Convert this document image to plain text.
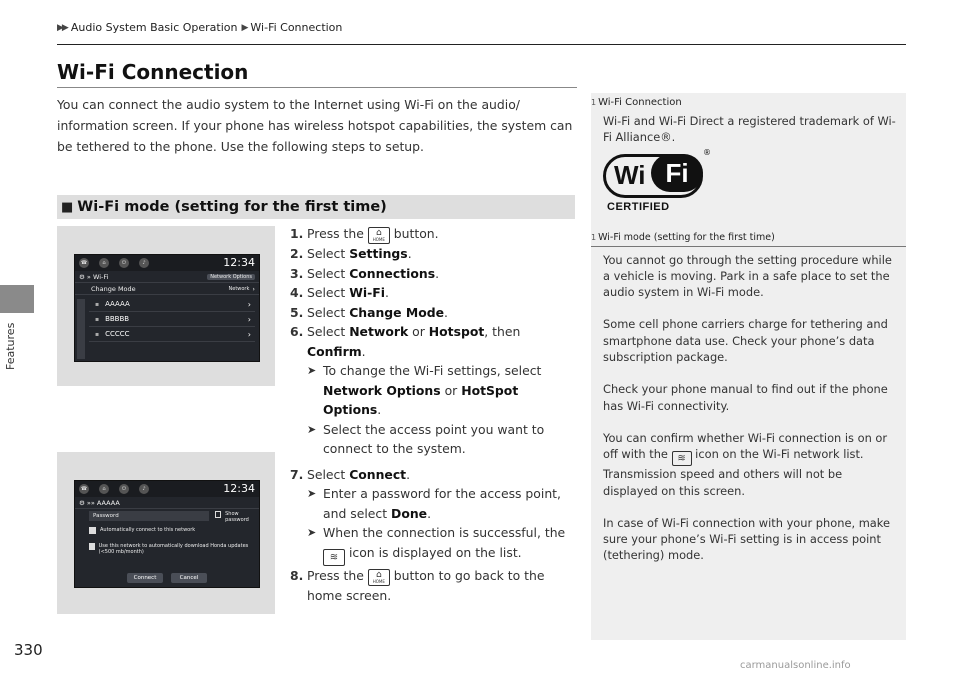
Features
▶▶ Audio System Basic Operation ▶ Wi-Fi Connection
Wi-Fi Connection
You can connect the audio system to the Internet using Wi-Fi on the audio/ information screen. If your phone has wireless hotspot capabilities, the system can be tethered to the phone. Use the following steps to setup.
■ Wi-Fi mode (setting for the first time)
☎	⌂	⏻	♪	12:34
⚙ » Wi-Fi	Network Options
Change Mode	Network ›
▪ AAAAA	›
▪ BBBBB	›
▪ CCCCC	›
☎	⌂	⏻	♪	12:34
⚙ »» AAAAA
Password	Show password
Automatically connect to this network
Use this network to automatically download Honda updates (<500 mb/month)
Connect	Cancel
1. Press the ⌂
HOME button.
2. Select Settings.
3. Select Connections.
4. Select Wi-Fi.
5. Select Change Mode.
6. Select Network or Hotspot, then
Confirm.
➤ To change the Wi-Fi settings, select
Network Options or HotSpot Options.
➤ Select the access point you want to connect to the system.
7. Select Connect.
➤ Enter a password for the access point, and select Done.
➤ When the connection is successful, the
≋ icon is displayed on the list.
8. Press the ⌂
HOME button to go back to the home screen.
1 Wi-Fi Connection
Wi-Fi and Wi-Fi Direct a registered trademark of Wi-Fi Alliance®.
Wi Fi
®
CERTIFIED
1 Wi-Fi mode (setting for the first time)
You cannot go through the setting procedure while a vehicle is moving. Park in a safe place to set the audio system in Wi-Fi mode.
Some cell phone carriers charge for tethering and smartphone data use. Check your phone’s data subscription package.
Check your phone manual to find out if the phone has Wi-Fi connectivity.
You can confirm whether Wi-Fi connection is on or off with the ≋ icon on the Wi-Fi network list. Transmission speed and others will not be displayed on this screen.
In case of Wi-Fi connection with your phone, make sure your phone’s Wi-Fi setting is in access point (tethering) mode.
330
carmanualsonline.info
